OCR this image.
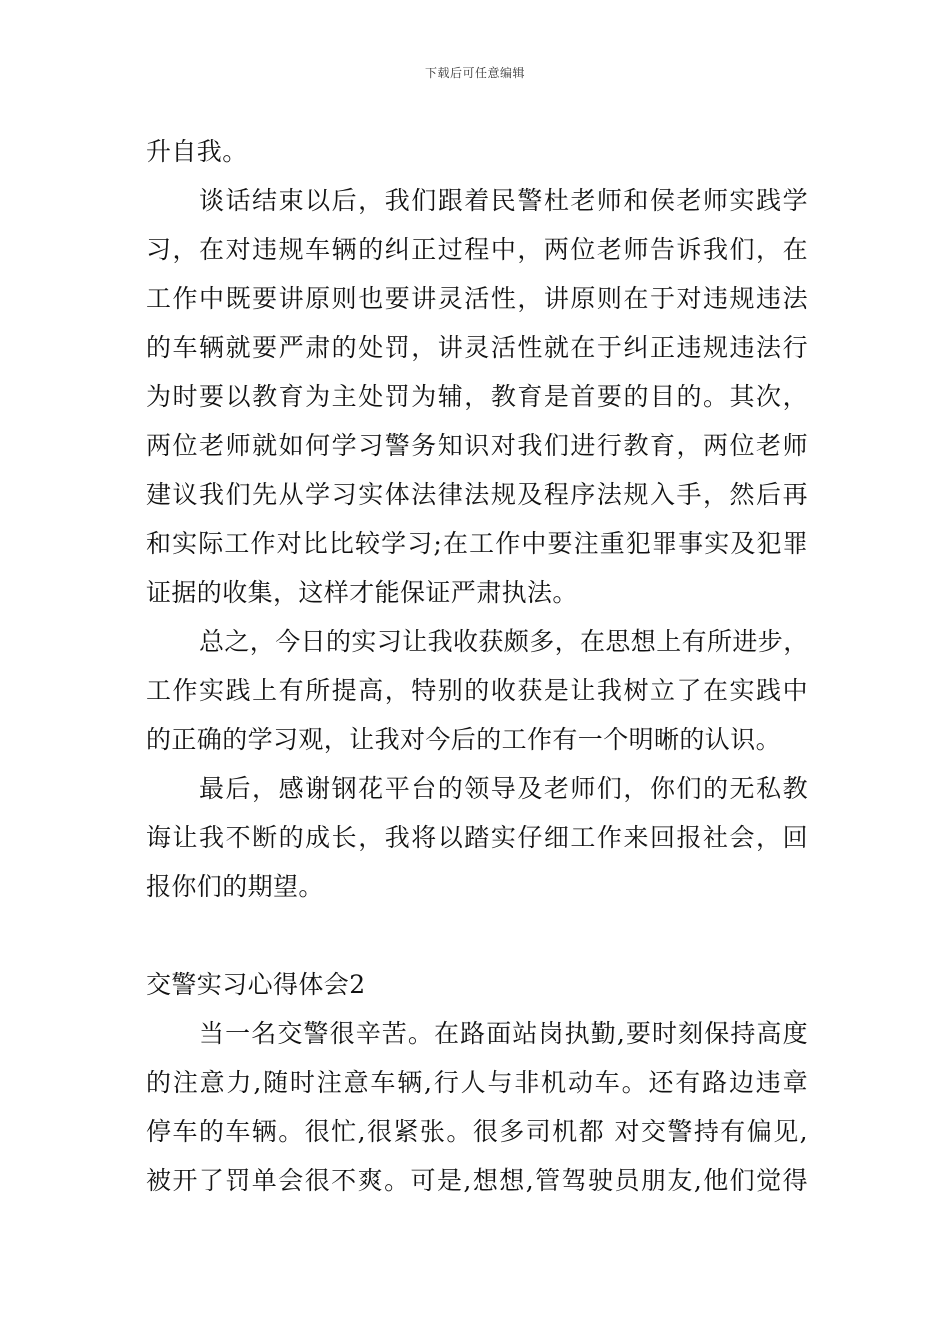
下载后可任意编辑
升自我。
谈话结束以后，我们跟着民警杜老师和侯老师实践学
习，在对违规车辆的纠正过程中，两位老师告诉我们，在
工作中既要讲原则也要讲灵活性，讲原则在于对违规违法
的车辆就要严肃的处罚，讲灵活性就在于纠正违规违法行
为时要以教育为主处罚为辅，教育是首要的目的。其次，
两位老师就如何学习警务知识对我们进行教育，两位老师
建议我们先从学习实体法律法规及程序法规入手，然后再
和实际工作对比比较学习;在工作中要注重犯罪事实及犯罪
证据的收集，这样才能保证严肃执法。
总之，今日的实习让我收获颇多，在思想上有所进步，
工作实践上有所提高，特别的收获是让我树立了在实践中
的正确的学习观，让我对今后的工作有一个明晰的认识。
最后，感谢钢花平台的领导及老师们，你们的无私教
诲让我不断的成长，我将以踏实仔细工作来回报社会，回
报你们的期望。
交警实习心得体会2
当一名交警很辛苦。在路面站岗执勤,要时刻保持高度
的注意力,随时注意车辆,行人与非机动车。还有路边违章
停车的车辆。很忙,很紧张。很多司机都 对交警持有偏见,
被开了罚单会很不爽。可是,想想,管驾驶员朋友,他们觉得
